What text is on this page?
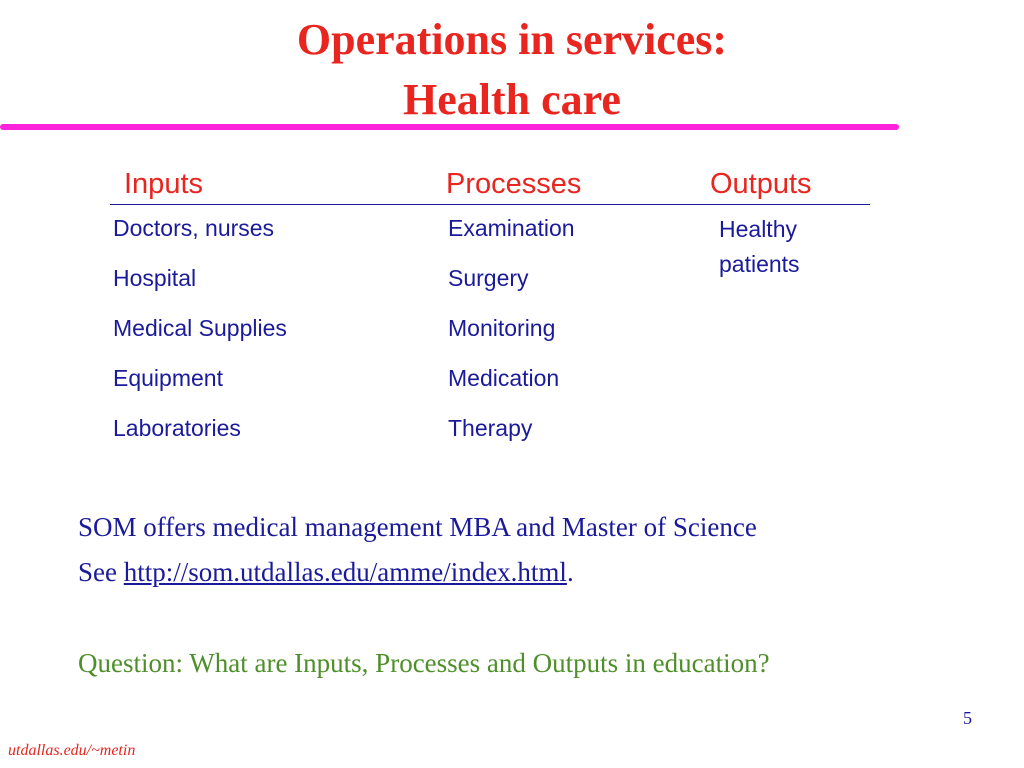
Operations in services:
Health care
Inputs	Processes	Outputs
Doctors, nurses
Hospital
Medical Supplies
Equipment
Laboratories
Examination
Surgery
Monitoring
Medication
Therapy
Healthy patients
SOM offers medical management MBA and Master of Science
See http://som.utdallas.edu/amme/index.html.
Question: What are Inputs, Processes and Outputs in education?
5
utdallas.edu/~metin
